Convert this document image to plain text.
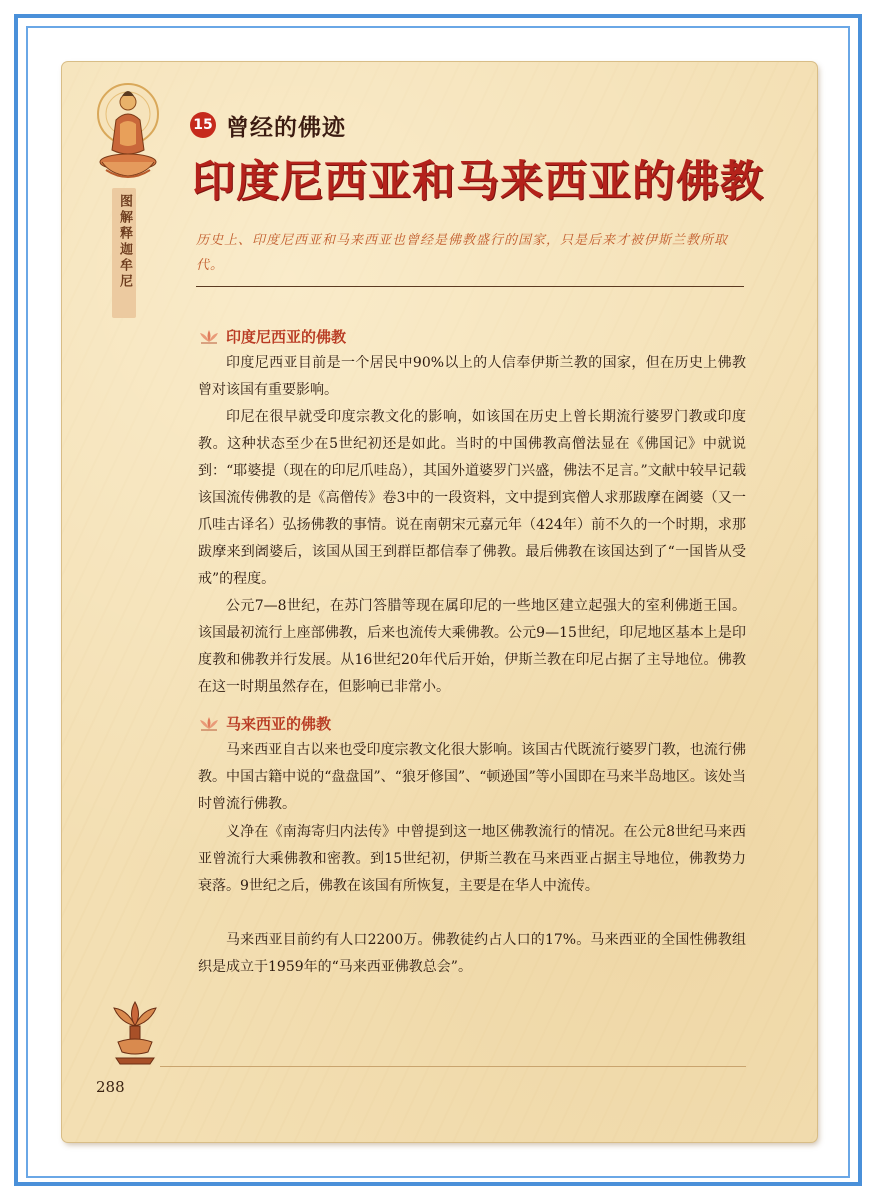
图解释迦牟尼
15 曾经的佛迹
印度尼西亚和马来西亚的佛教
历史上、印度尼西亚和马来西亚也曾经是佛教盛行的国家，只是后来才被伊斯兰教所取代。
印度尼西亚的佛教

印度尼西亚目前是一个居民中90%以上的人信奉伊斯兰教的国家，但在历史上佛教曾对该国有重要影响。

印尼在很早就受印度宗教文化的影响，如该国在历史上曾长期流行婆罗门教或印度教。这种状态至少在5世纪初还是如此。当时的中国佛教高僧法显在《佛国记》中就说到：“耶婆提（现在的印尼爪哇岛），其国外道婆罗门兴盛，佛法不足言。”文献中较早记载该国流传佛教的是《高僧传》卷3中的一段资料，文中提到宾僧人求那跋摩在阇婆（又一爪哇古译名）弘扬佛教的事情。说在南朝宋元嘉元年（424年）前不久的一个时期，求那跋摩来到阇婆后，该国从国王到群臣都信奉了佛教。最后佛教在该国达到了“一国皆从受戒”的程度。

公元7—8世纪，在苏门答腊等现在属印尼的一些地区建立起强大的室利佛逝王国。该国最初流行上座部佛教，后来也流传大乘佛教。公元9—15世纪，印尼地区基本上是印度教和佛教并行发展。从16世纪20年代后开始，伊斯兰教在印尼占据了主导地位。佛教在这一时期虽然存在，但影响已非常小。

马来西亚的佛教

马来西亚自古以来也受印度宗教文化很大影响。该国古代既流行婆罗门教，也流行佛教。中国古籍中说的“盘盘国”、“狼牙修国”、“顿逊国”等小国即在马来半岛地区。该处当时曾流行佛教。

义净在《南海寄归内法传》中曾提到这一地区佛教流行的情况。在公元8世纪马来西亚曾流行大乘佛教和密教。到15世纪初，伊斯兰教在马来西亚占据主导地位，佛教势力衰落。9世纪之后，佛教在该国有所恢复，主要是在华人中流传。

马来西亚目前约有人口2200万。佛教徒约占人口的17%。马来西亚的全国性佛教组织是成立于1959年的“马来西亚佛教总会”。

288
